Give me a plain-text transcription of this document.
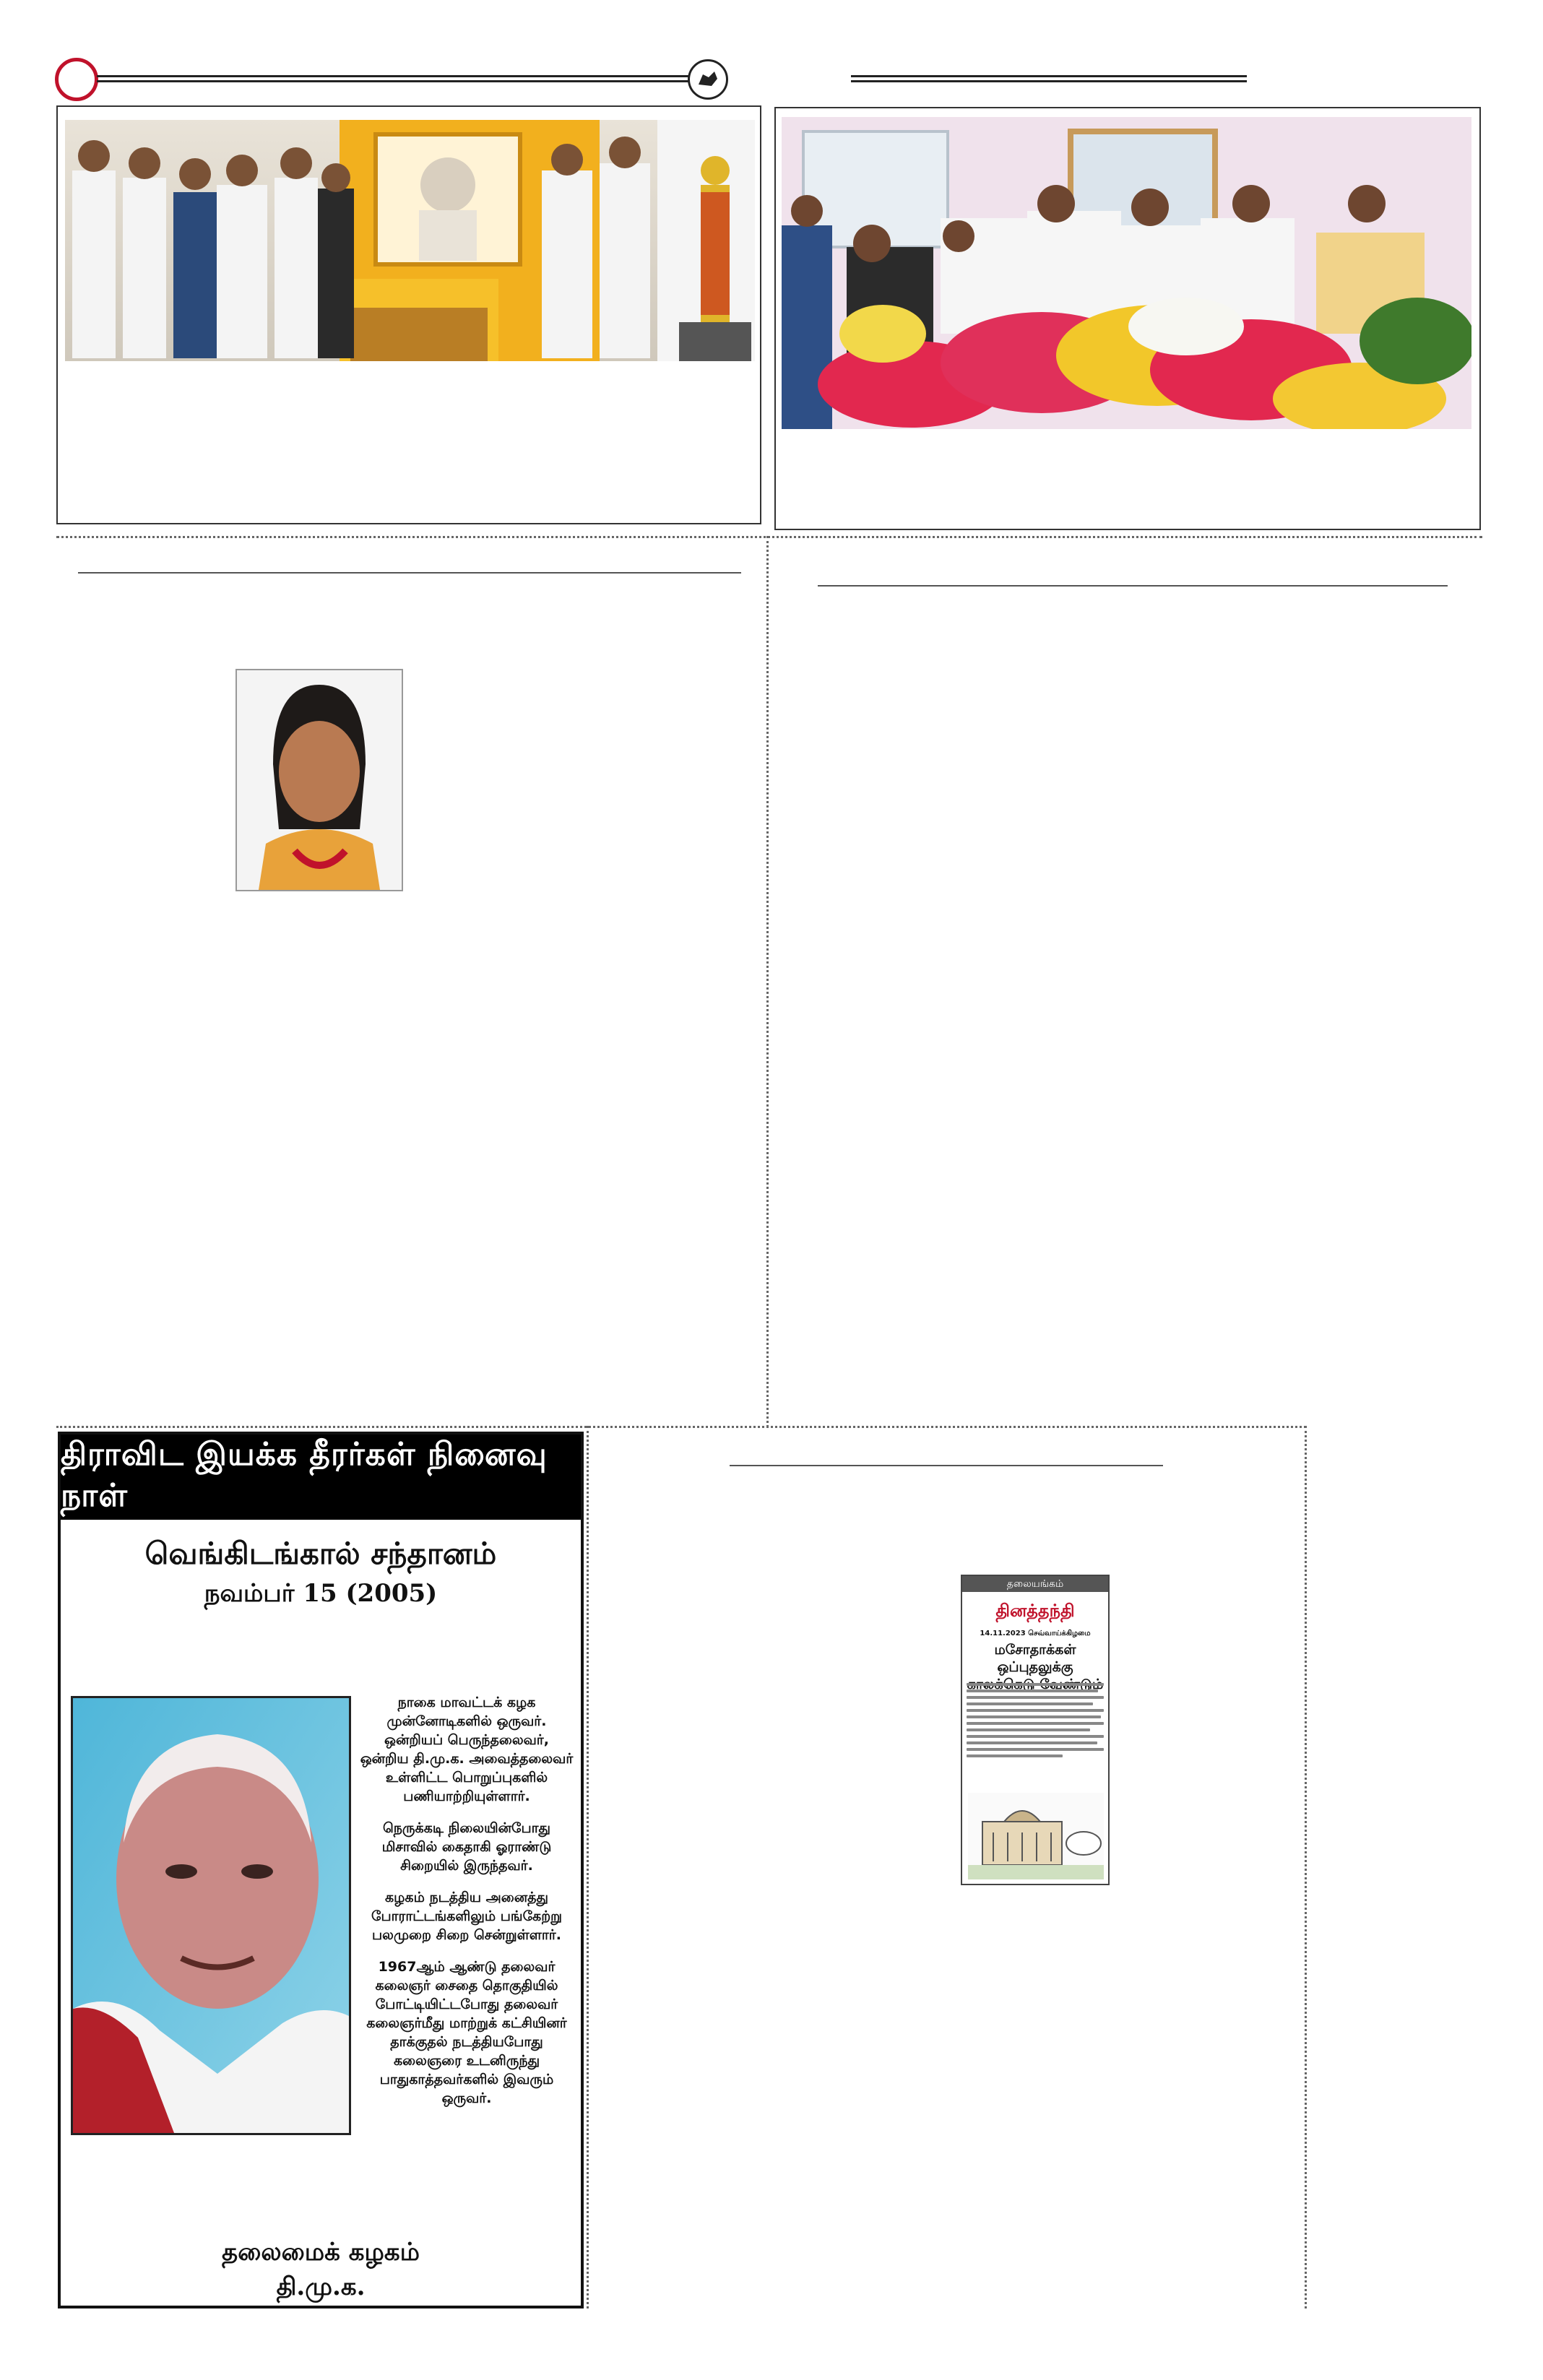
திராவிட இயக்க தீரர்கள் நினைவு நாள்
வெங்கிடங்கால் சந்தானம்
நவம்பர் 15 (2005)

நாகை மாவட்டக் கழக முன்னோடிகளில் ஒருவர். ஒன்றியப் பெருந்தலைவர், ஒன்றிய தி.மு.க. அவைத்தலைவர் உள்ளிட்ட பொறுப்புகளில் பணியாற்றியுள்ளார்.

நெருக்கடி நிலையின்போது மிசாவில் கைதாகி ஓராண்டு சிறையில் இருந்தவர்.

கழகம் நடத்திய அனைத்து போராட்டங்களிலும் பங்கேற்று பலமுறை சிறை சென்றுள்ளார்.

1967ஆம் ஆண்டு தலைவர் கலைஞர் சைதை தொகுதியில் போட்டியிட்டபோது தலைவர் கலைஞர்மீது மாற்றுக் கட்சியினர் தாக்குதல் நடத்தியபோது கலைஞரை உடனிருந்து பாதுகாத்தவர்களில் இவரும் ஒருவர்.

தலைமைக் கழகம்
தி.மு.க.
தலையங்கம்
தினத்தந்தி
14.11.2023 செவ்வாய்க்கிழமை
மசோதாக்கள் ஒப்புதலுக்கு
